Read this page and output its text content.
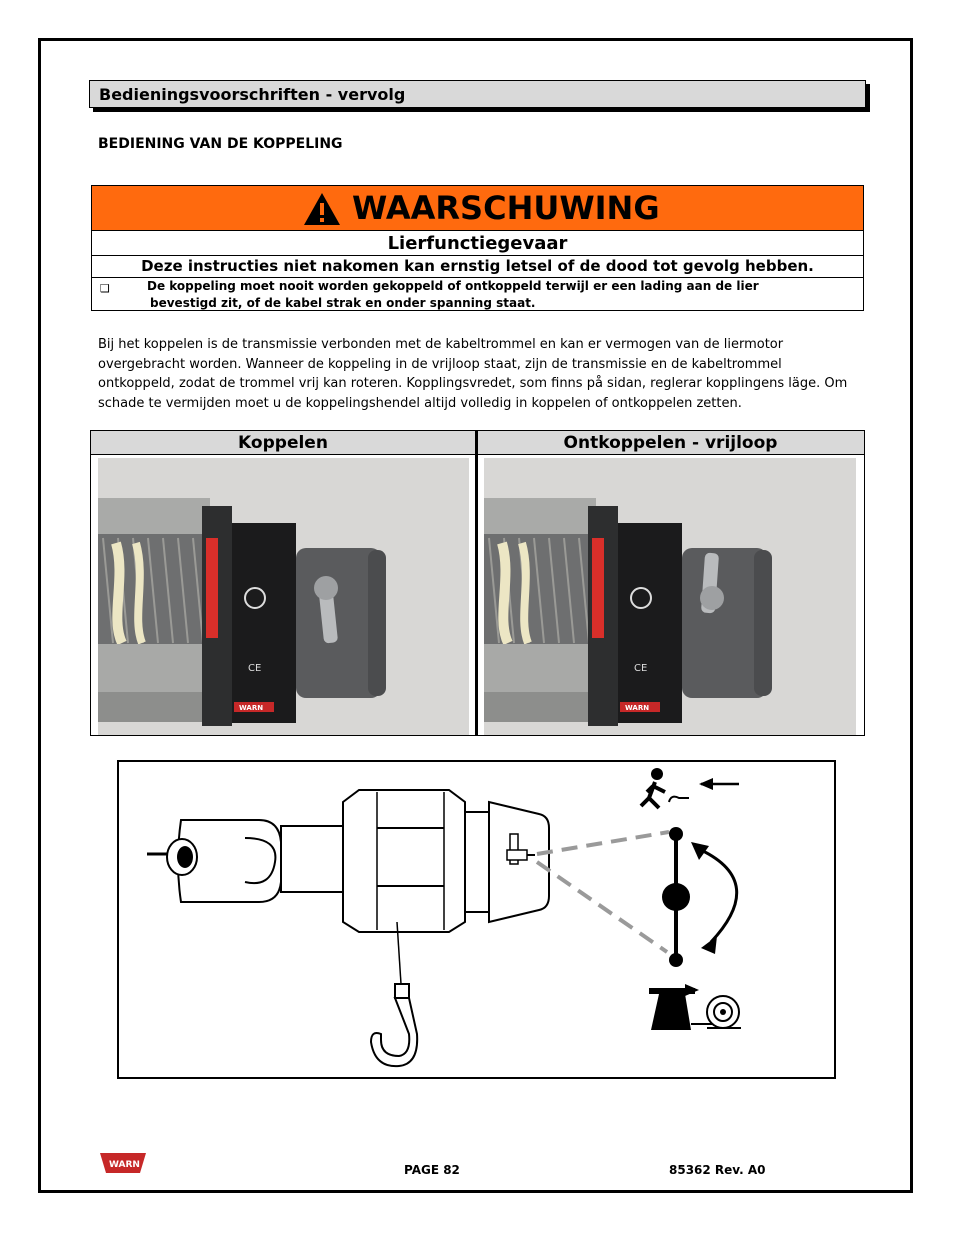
Bedieningsvoorschriften - vervolg
BEDIENING VAN DE KOPPELING
WAARSCHUWING
Lierfunctiegevaar
Deze instructies niet nakomen kan ernstig letsel of de dood tot gevolg hebben.
❑	De koppeling moet nooit worden gekoppeld of ontkoppeld terwijl er een lading aan de lier
bevestigd zit, of de kabel strak en onder spanning staat.
Bij het koppelen is de transmissie verbonden met de kabeltrommel en kan er vermogen van de liermotor overgebracht worden. Wanneer de koppeling in de vrijloop staat, zijn de transmissie en de kabeltrommel ontkoppeld, zodat de trommel vrij kan roteren. Kopplingsvredet, som finns på sidan, reglerar kopplingens läge. Om schade te vermijden moet u de koppelingshendel altijd volledig in koppelen of ontkoppelen zetten.
Koppelen	Ontkoppelen - vrijloop
CE
WARN
CE
WARN
WARN	PAGE 82	85362 Rev. A0
